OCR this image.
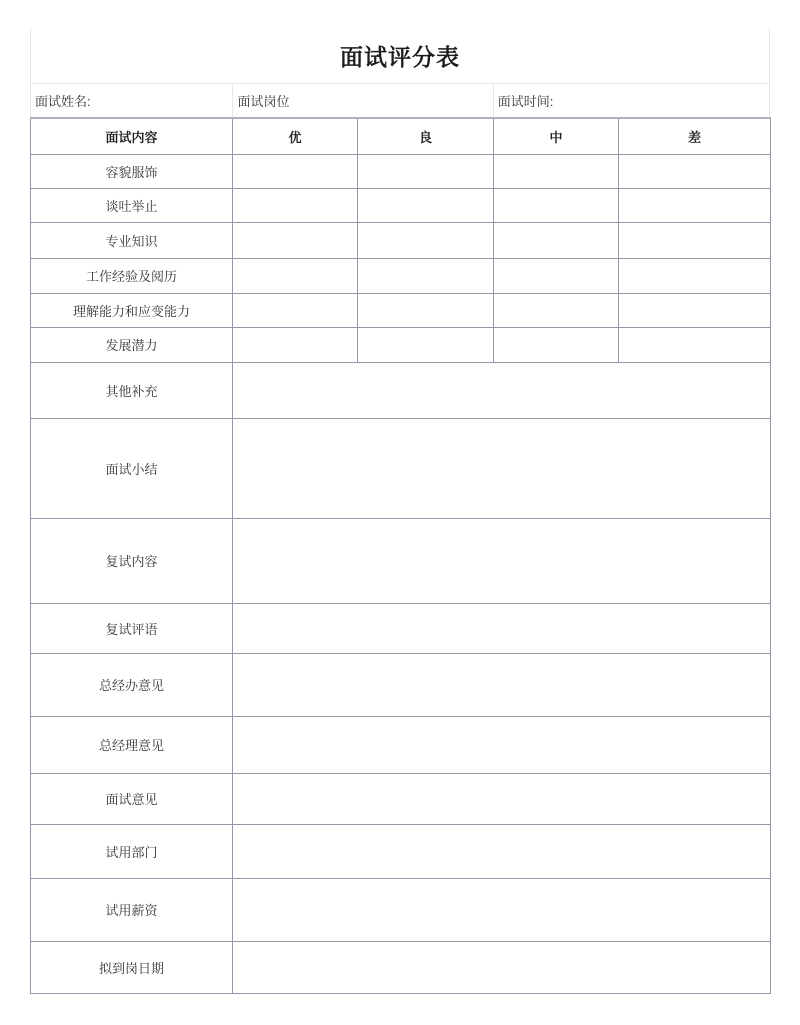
面试评分表
面试姓名:	面试岗位	面试时间:
面试内容	优	良	中	差
容貌服饰				
谈吐举止				
专业知识				
工作经验及阅历				
理解能力和应变能力				
发展潜力				
其他补充				
面试小结				
复试内容				
复试评语				
总经办意见				
总经理意见				
面试意见				
试用部门				
试用薪资				
拟到岗日期				
